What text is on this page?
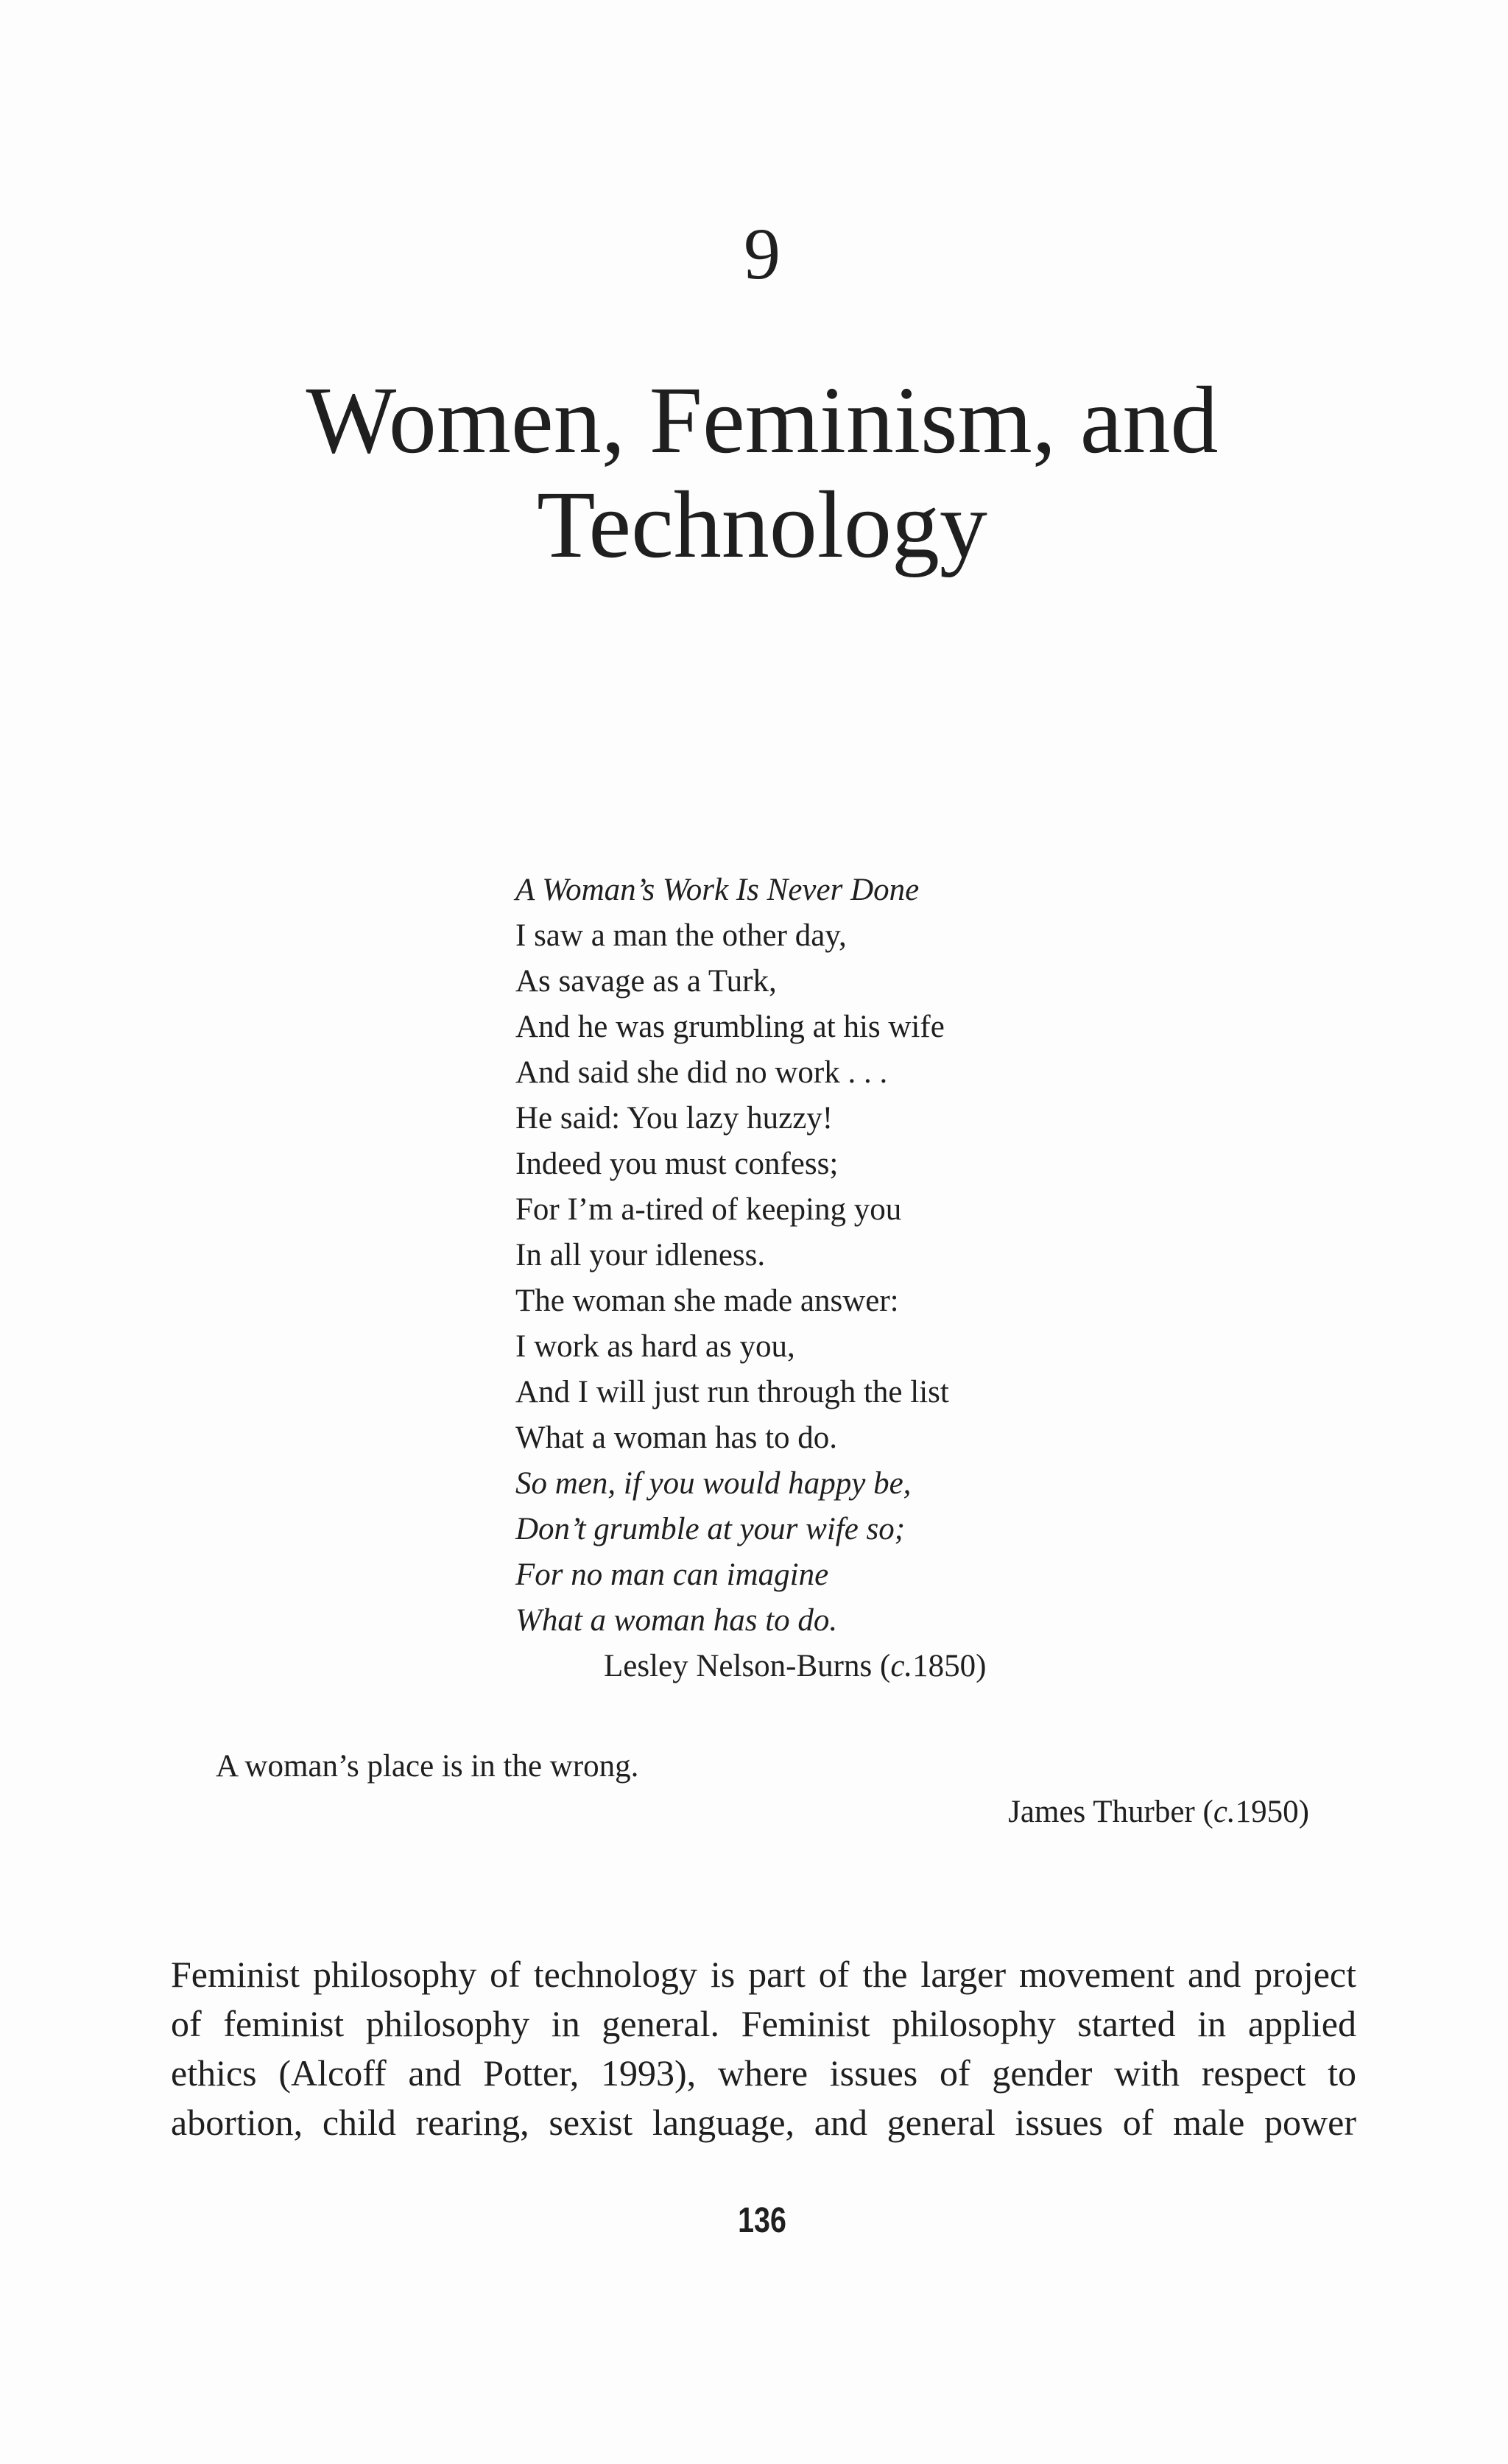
9
Women, Feminism, and
Technology
A Woman’s Work Is Never Done
I saw a man the other day,
As savage as a Turk,
And he was grumbling at his wife
And said she did no work . . .
He said: You lazy huzzy!
Indeed you must confess;
For I’m a-tired of keeping you
In all your idleness.
The woman she made answer:
I work as hard as you,
And I will just run through the list
What a woman has to do.
So men, if you would happy be,
Don’t grumble at your wife so;
For no man can imagine
What a woman has to do.
Lesley Nelson-Burns (c.1850)
A woman’s place is in the wrong.
James Thurber (c.1950)

Feminist philosophy of technology is part of the larger movement and project
of feminist philosophy in general. Feminist philosophy started in applied
ethics (Alcoff and Potter, 1993), where issues of gender with respect to
abortion, child rearing, sexist language, and general issues of male power

136
